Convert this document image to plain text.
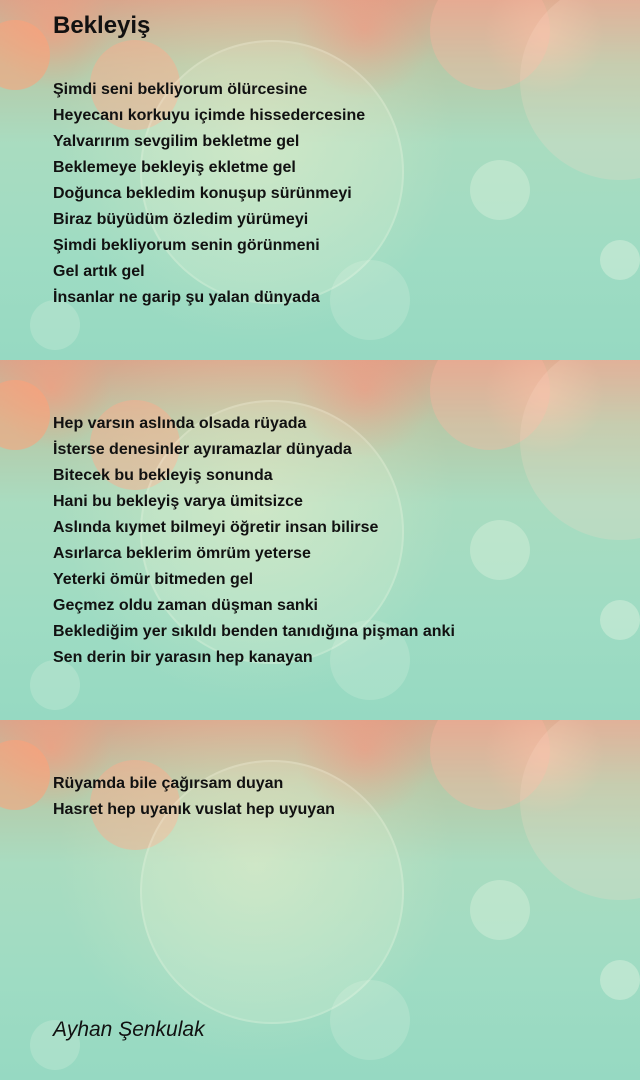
Bekleyiş
Şimdi seni bekliyorum ölürcesine
Heyecanı korkuyu içimde hissedercesine
Yalvarırım sevgilim bekletme gel
Beklemeye bekleyiş ekletme gel
Doğunca bekledim konuşup sürünmeyi
Biraz büyüdüm özledim yürümeyi
Şimdi bekliyorum senin görünmeni
Gel artık gel
İnsanlar ne garip şu yalan dünyada
Hep varsın aslında olsada rüyada
İsterse denesinler ayıramazlar dünyada
Bitecek bu bekleyiş sonunda
Hani bu bekleyiş varya ümitsizce
Aslında kıymet bilmeyi öğretir insan bilirse
Asırlarca beklerim ömrüm yeterse
Yeterki ömür bitmeden gel
Geçmez oldu zaman düşman sanki
Beklediğim yer sıkıldı benden tanıdığına pişman anki
Sen derin bir yarasın hep kanayan
Rüyamda bile çağırsam duyan
Hasret hep uyanık vuslat hep uyuyan
Ayhan Şenkulak
